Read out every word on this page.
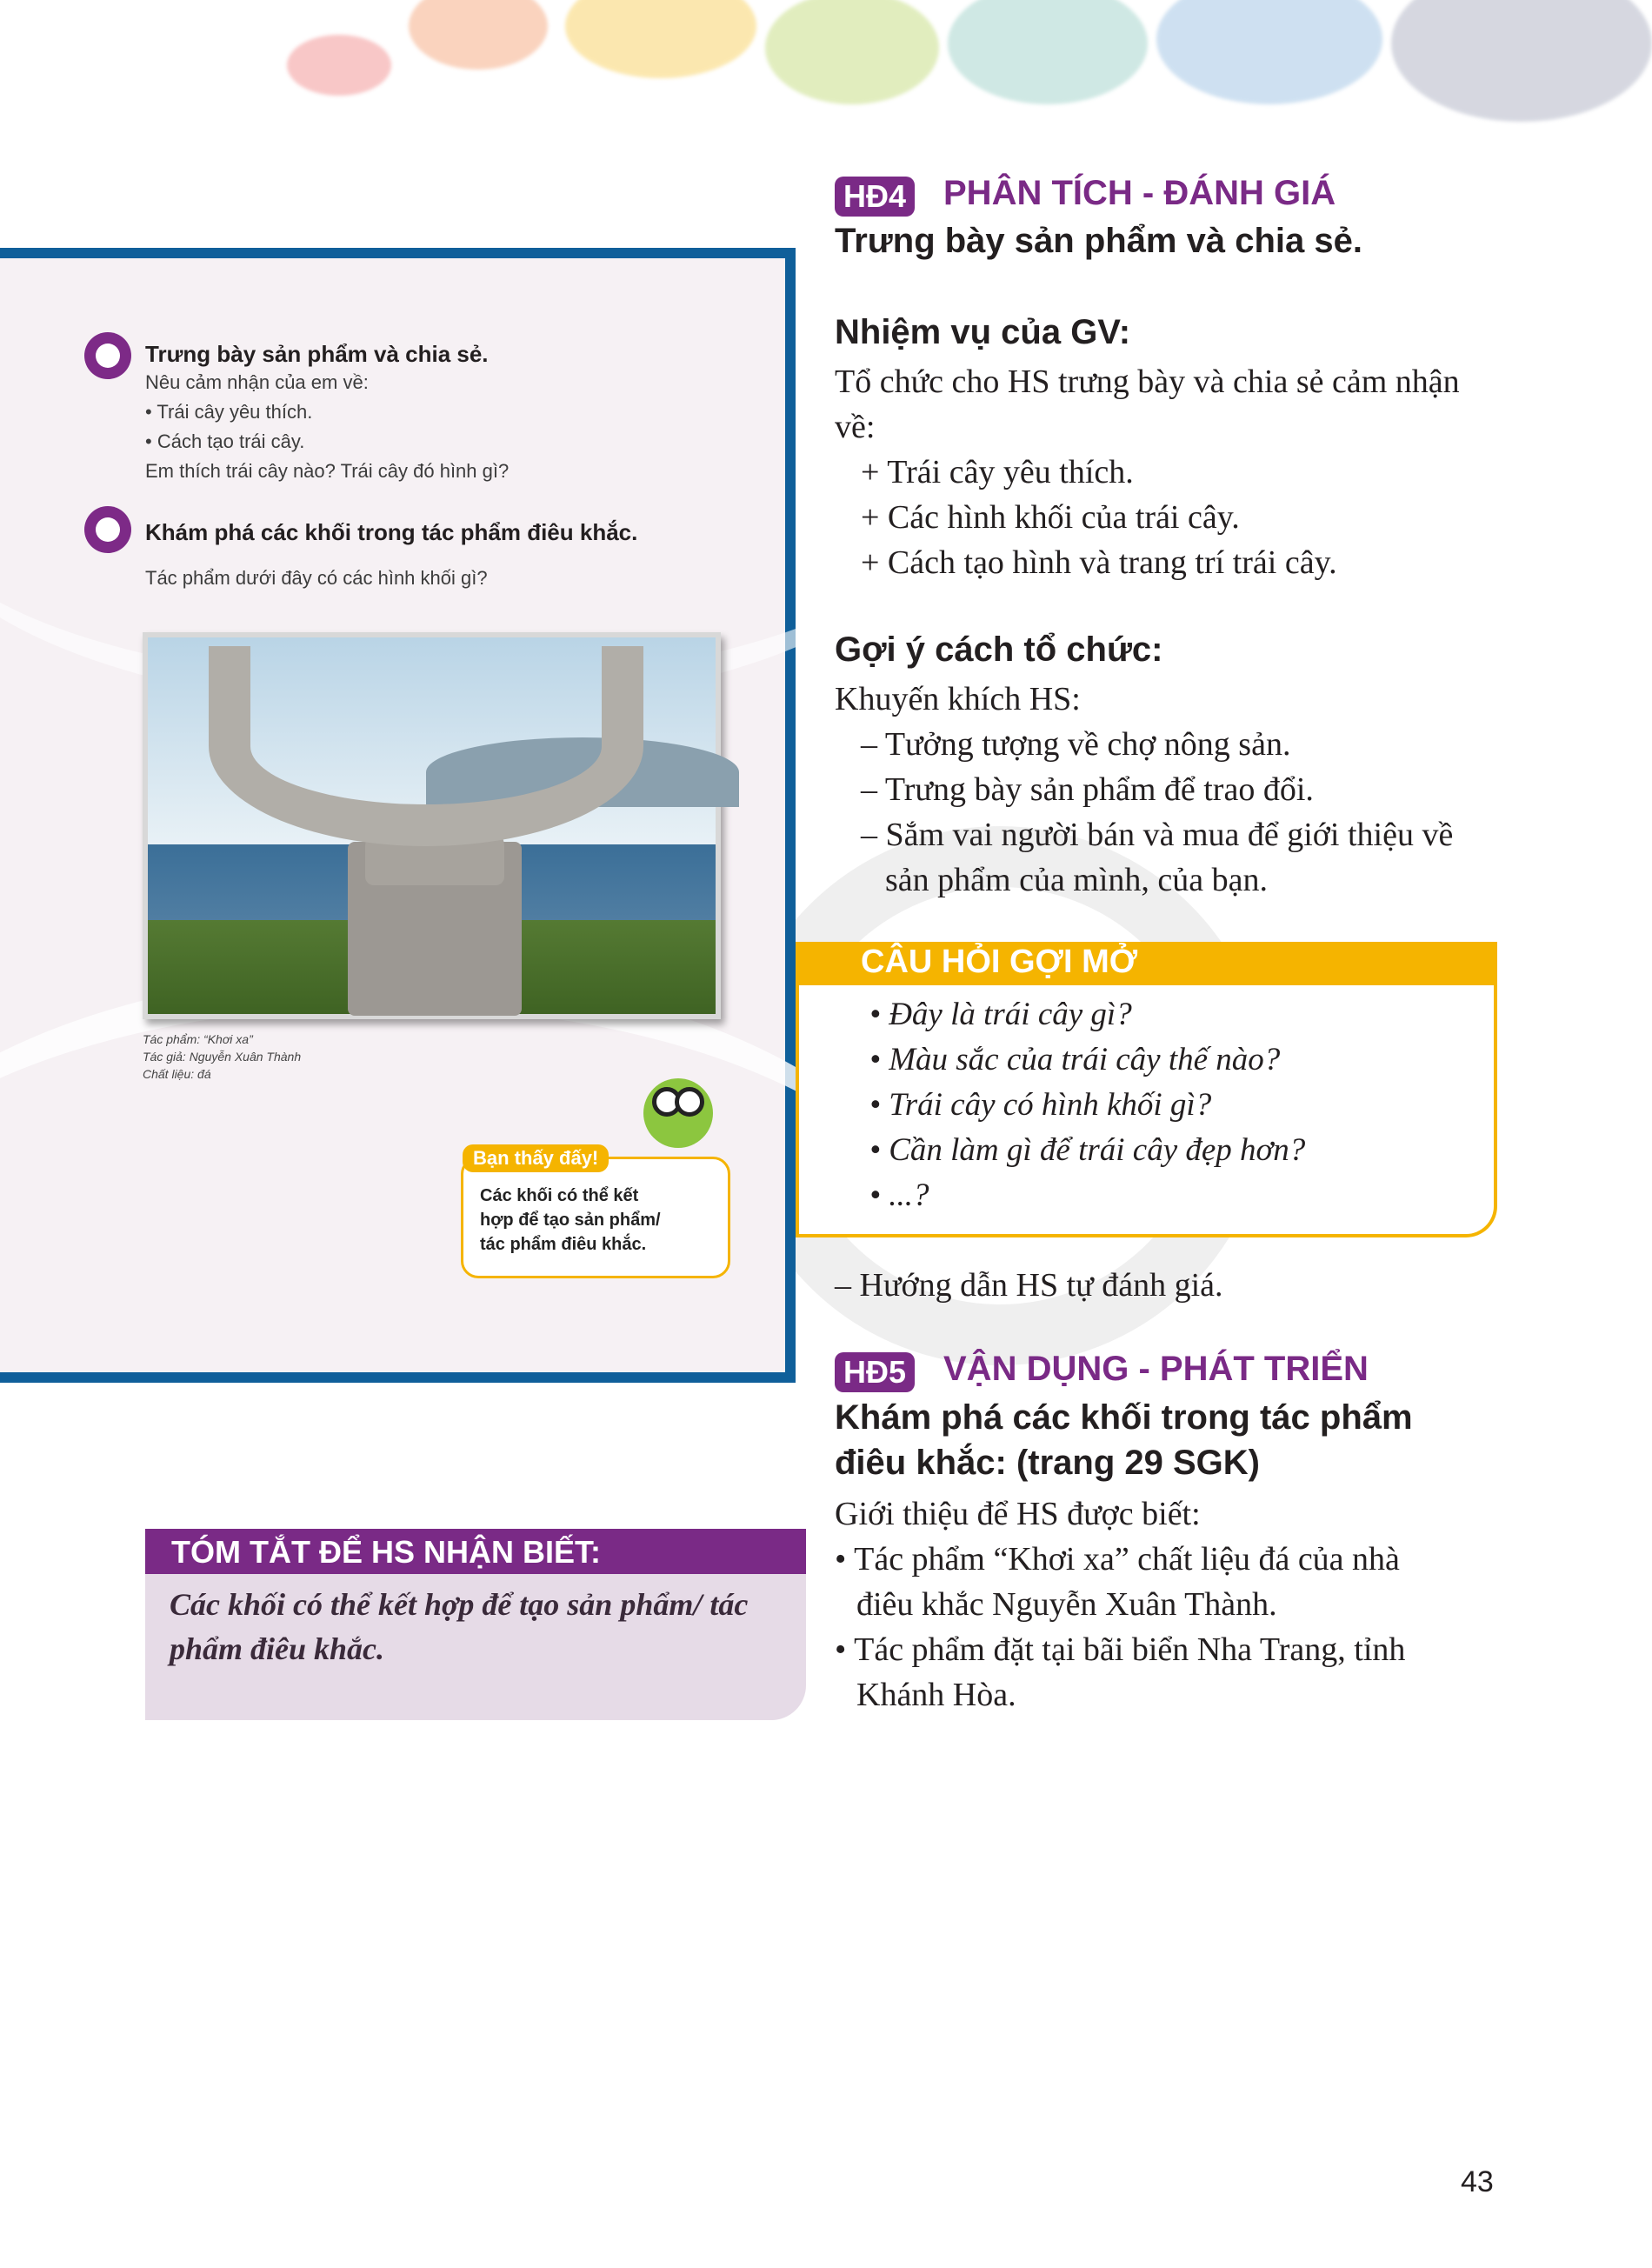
Trưng bày sản phẩm và chia sẻ.
Nêu cảm nhận của em về:
• Trái cây yêu thích.
• Cách tạo trái cây.
Em thích trái cây nào? Trái cây đó hình gì?
Khám phá các khối trong tác phẩm điêu khắc.
Tác phẩm dưới đây có các hình khối gì?
Tác phẩm: “Khơi xa”
Tác giả: Nguyễn Xuân Thành
Chất liệu: đá
Bạn thấy đấy!
Các khối có thể kết
hợp để tạo sản phẩm/
tác phẩm điêu khắc.
TÓM TẮT ĐỂ HS NHẬN BIẾT:
Các khối có thể kết hợp để tạo sản phẩm/ tác phẩm điêu khắc.
HĐ4 PHÂN TÍCH - ĐÁNH GIÁ
Trưng bày sản phẩm và chia sẻ.
Nhiệm vụ của GV:
Tổ chức cho HS trưng bày và chia sẻ cảm nhận
về:
+ Trái cây yêu thích.
+ Các hình khối của trái cây.
+ Cách tạo hình và trang trí trái cây.
Gợi ý cách tổ chức:
Khuyến khích HS:
– Tưởng tượng về chợ nông sản.
– Trưng bày sản phẩm để trao đổi.
– Sắm vai người bán và mua để giới thiệu về
sản phẩm của mình, của bạn.
CÂU HỎI GỢI MỞ
• Đây là trái cây gì?
• Màu sắc của trái cây thế nào?
• Trái cây có hình khối gì?
• Cần làm gì để trái cây đẹp hơn?
• ...?
– Hướng dẫn HS tự đánh giá.
HĐ5 VẬN DỤNG - PHÁT TRIỂN
Khám phá các khối trong tác phẩm
điêu khắc: (trang 29 SGK)
Giới thiệu để HS được biết:
• Tác phẩm “Khơi xa” chất liệu đá của nhà
điêu khắc Nguyễn Xuân Thành.
• Tác phẩm đặt tại bãi biển Nha Trang, tỉnh
Khánh Hòa.
43
